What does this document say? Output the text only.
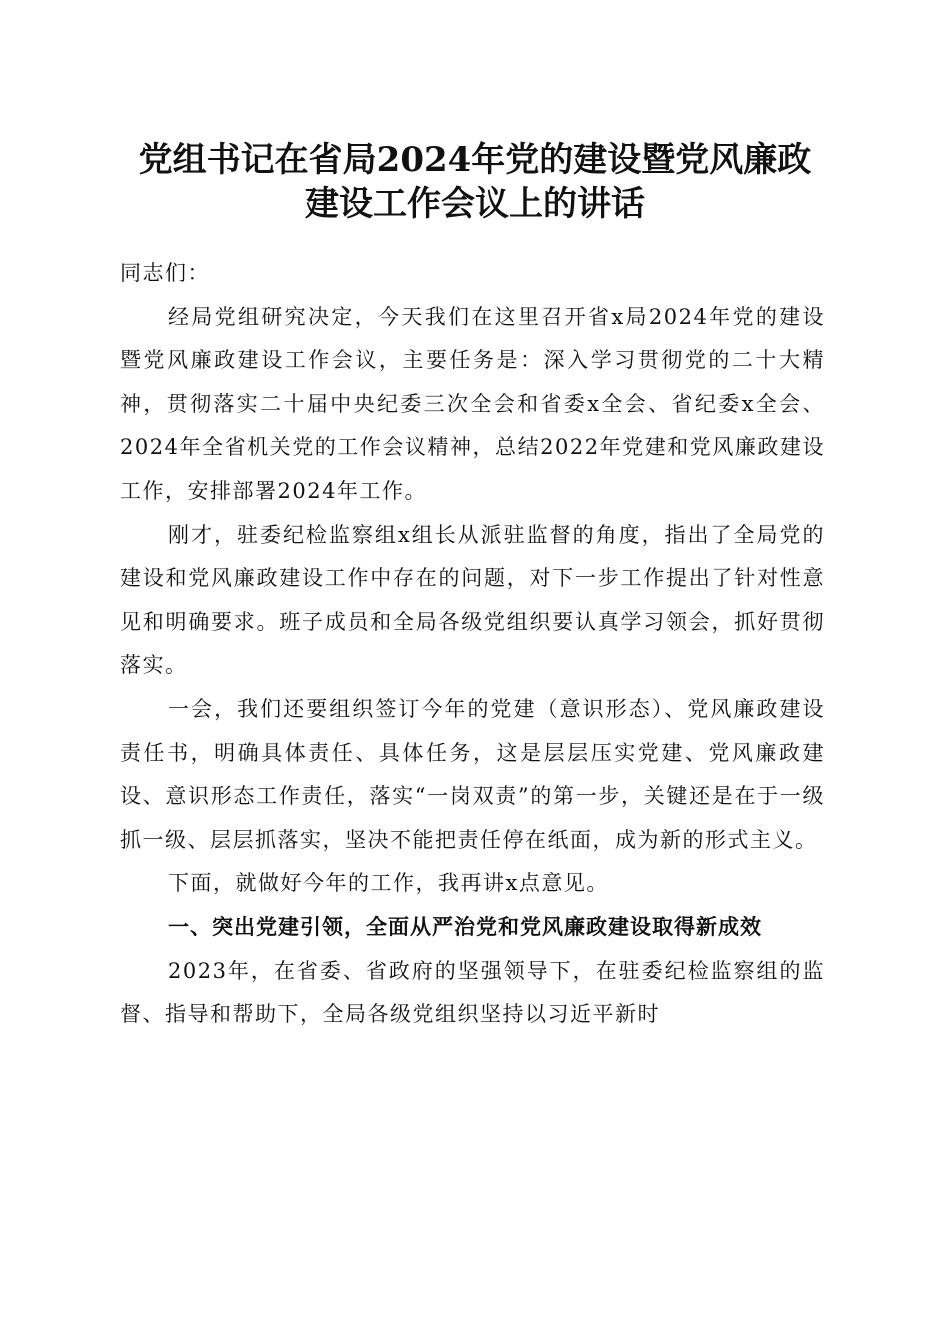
党组书记在省局2024年党的建设暨党风廉政
建设工作会议上的讲话

同志们：

经局党组研究决定，今天我们在这里召开省x局2024年党的建设暨党风廉政建设工作会议，主要任务是：深入学习贯彻党的二十大精神，贯彻落实二十届中央纪委三次全会和省委x全会、省纪委x全会、2024年全省机关党的工作会议精神，总结2022年党建和党风廉政建设工作，安排部署2024年工作。

刚才，驻委纪检监察组x组长从派驻监督的角度，指出了全局党的建设和党风廉政建设工作中存在的问题，对下一步工作提出了针对性意见和明确要求。班子成员和全局各级党组织要认真学习领会，抓好贯彻落实。

一会，我们还要组织签订今年的党建（意识形态）、党风廉政建设责任书，明确具体责任、具体任务，这是层层压实党建、党风廉政建设、意识形态工作责任，落实“一岗双责”的第一步，关键还是在于一级抓一级、层层抓落实，坚决不能把责任停在纸面，成为新的形式主义。

下面，就做好今年的工作，我再讲x点意见。

一、突出党建引领，全面从严治党和党风廉政建设取得新成效

2023年，在省委、省政府的坚强领导下，在驻委纪检监察组的监督、指导和帮助下，全局各级党组织坚持以习近平新时
